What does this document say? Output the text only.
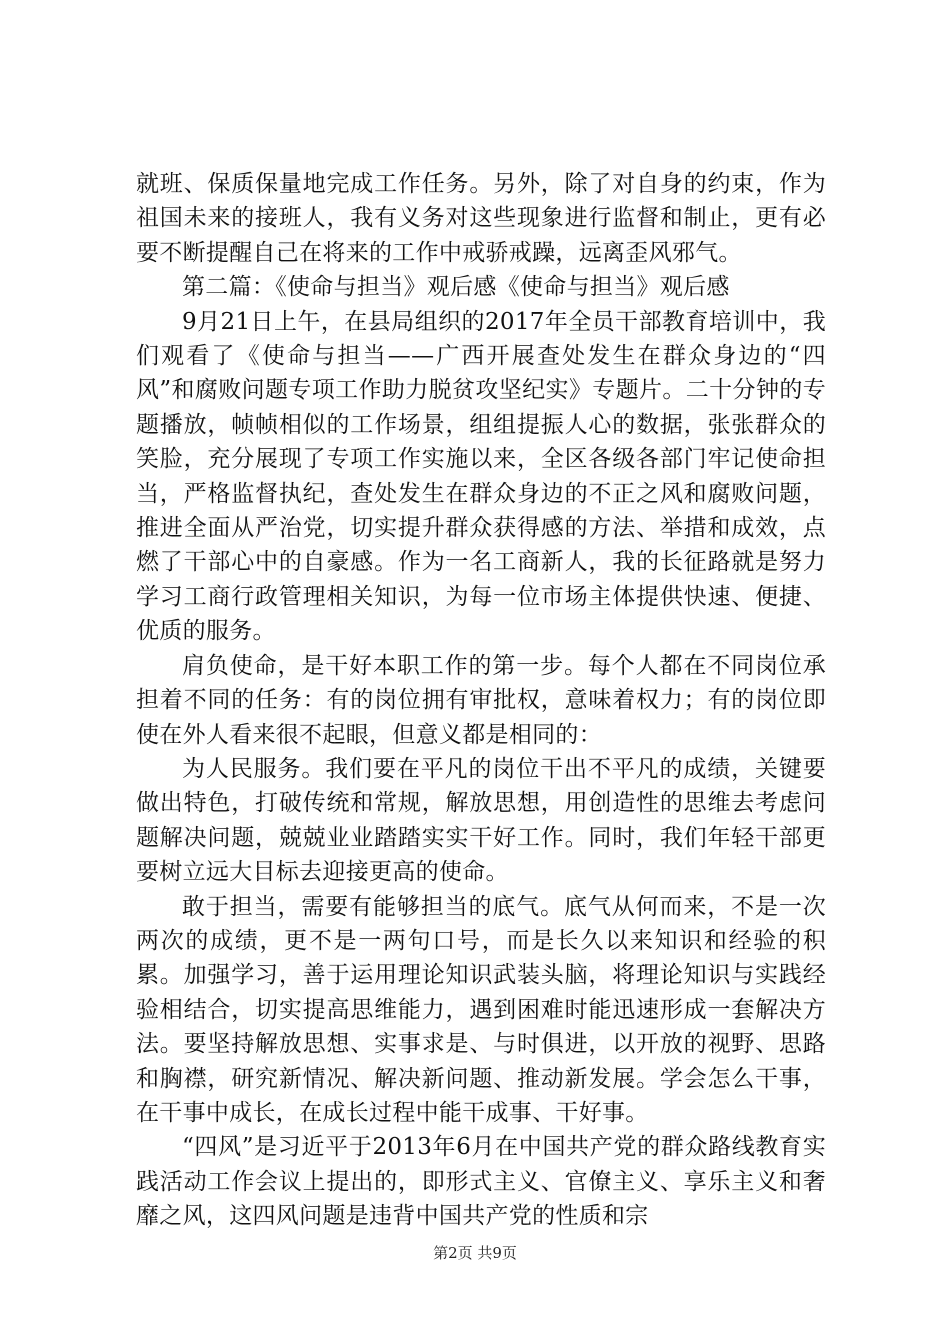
就班、保质保量地完成工作任务。另外，除了对自身的约束，作为祖国未来的接班人，我有义务对这些现象进行监督和制止，更有必要不断提醒自己在将来的工作中戒骄戒躁，远离歪风邪气。

第二篇：《使命与担当》观后感《使命与担当》观后感

9月21日上午，在县局组织的2017年全员干部教育培训中，我们观看了《使命与担当——广西开展查处发生在群众身边的“四风”和腐败问题专项工作助力脱贫攻坚纪实》专题片。二十分钟的专题播放，帧帧相似的工作场景，组组提振人心的数据，张张群众的笑脸，充分展现了专项工作实施以来，全区各级各部门牢记使命担当，严格监督执纪，查处发生在群众身边的不正之风和腐败问题，推进全面从严治党，切实提升群众获得感的方法、举措和成效，点燃了干部心中的自豪感。作为一名工商新人，我的长征路就是努力学习工商行政管理相关知识，为每一位市场主体提供快速、便捷、优质的服务。

肩负使命，是干好本职工作的第一步。每个人都在不同岗位承担着不同的任务：有的岗位拥有审批权，意味着权力；有的岗位即使在外人看来很不起眼，但意义都是相同的：

为人民服务。我们要在平凡的岗位干出不平凡的成绩，关键要做出特色，打破传统和常规，解放思想，用创造性的思维去考虑问题解决问题，兢兢业业踏踏实实干好工作。同时，我们年轻干部更要树立远大目标去迎接更高的使命。

敢于担当，需要有能够担当的底气。底气从何而来，不是一次两次的成绩，更不是一两句口号，而是长久以来知识和经验的积累。加强学习，善于运用理论知识武装头脑，将理论知识与实践经验相结合，切实提高思维能力，遇到困难时能迅速形成一套解决方法。要坚持解放思想、实事求是、与时俱进，以开放的视野、思路和胸襟，研究新情况、解决新问题、推动新发展。学会怎么干事，在干事中成长，在成长过程中能干成事、干好事。

“四风”是习近平于2013年6月在中国共产党的群众路线教育实践活动工作会议上提出的，即形式主义、官僚主义、享乐主义和奢靡之风，这四风问题是违背中国共产党的性质和宗

第2页 共9页
